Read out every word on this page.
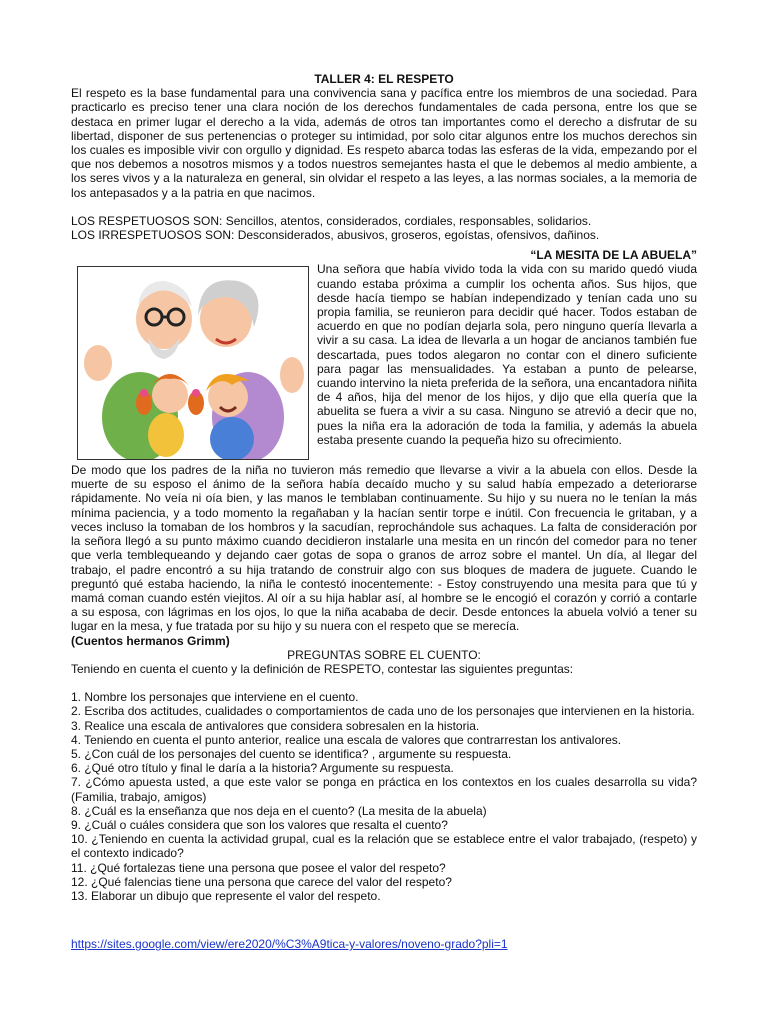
TALLER 4: EL RESPETO

El respeto es la base fundamental para una convivencia sana y pacífica entre los miembros de una sociedad. Para practicarlo es preciso tener una clara noción de los derechos fundamentales de cada persona, entre los que se destaca en primer lugar el derecho a la vida, además de otros tan importantes como el derecho a disfrutar de su libertad, disponer de sus pertenencias o proteger su intimidad, por solo citar algunos entre los muchos derechos sin los cuales es imposible vivir con orgullo y dignidad. Es respeto abarca todas las esferas de la vida, empezando por el que nos debemos a nosotros mismos y a todos nuestros semejantes hasta el que le debemos al medio ambiente, a los seres vivos y a la naturaleza en general, sin olvidar el respeto a las leyes, a las normas sociales, a la memoria de los antepasados y a la patria en que nacimos.

LOS RESPETUOSOS SON: Sencillos, atentos, considerados, cordiales, responsables, solidarios.

LOS IRRESPETUOSOS SON: Desconsiderados, abusivos, groseros, egoístas, ofensivos, dañinos.

“LA MESITA DE LA ABUELA”

Una señora que había vivido toda la vida con su marido quedó viuda cuando estaba próxima a cumplir los ochenta años. Sus hijos, que desde hacía tiempo se habían independizado y tenían cada uno su propia familia, se reunieron para decidir qué hacer. Todos estaban de acuerdo en que no podían dejarla sola, pero ninguno quería llevarla a vivir a su casa. La idea de llevarla a un hogar de ancianos también fue descartada, pues todos alegaron no contar con el dinero suficiente para pagar las mensualidades. Ya estaban a punto de pelearse, cuando intervino la nieta preferida de la señora, una encantadora niñita de 4 años, hija del menor de los hijos, y dijo que ella quería que la abuelita se fuera a vivir a su casa. Ninguno se atrevió a decir que no, pues la niña era la adoración de toda la familia, y además la abuela estaba presente cuando la pequeña hizo su ofrecimiento.

De modo que los padres de la niña no tuvieron más remedio que llevarse a vivir a la abuela con ellos. Desde la muerte de su esposo el ánimo de la señora había decaído mucho y su salud había empezado a deteriorarse rápidamente. No veía ni oía bien, y las manos le temblaban continuamente. Su hijo y su nuera no le tenían la más mínima paciencia, y a todo momento la regañaban y la hacían sentir torpe e inútil. Con frecuencia le gritaban, y a veces incluso la tomaban de los hombros y la sacudían, reprochándole sus achaques. La falta de consideración por la señora llegó a su punto máximo cuando decidieron instalarle una mesita en un rincón del comedor para no tener que verla temblequeando y dejando caer gotas de sopa o granos de arroz sobre el mantel. Un día, al llegar del trabajo, el padre encontró a su hija tratando de construir algo con sus bloques de madera de juguete. Cuando le preguntó qué estaba haciendo, la niña le contestó inocentemente: - Estoy construyendo una mesita para que tú y mamá coman cuando estén viejitos. Al oír a su hija hablar así, al hombre se le encogió el corazón y corrió a contarle a su esposa, con lágrimas en los ojos, lo que la niña acababa de decir. Desde entonces la abuela volvió a tener su lugar en la mesa, y fue tratada por su hijo y su nuera con el respeto que se merecía.

(Cuentos hermanos Grimm)

PREGUNTAS SOBRE EL CUENTO:

Teniendo en cuenta el cuento y la definición de RESPETO, contestar las siguientes preguntas:

1. Nombre los personajes que interviene en el cuento.
2. Escriba dos actitudes, cualidades o comportamientos de cada uno de los personajes que intervienen en la historia.
3. Realice una escala de antivalores que considera sobresalen en la historia.
4. Teniendo en cuenta el punto anterior, realice una escala de valores que contrarrestan los antivalores.
5. ¿Con cuál de los personajes del cuento se identifica? , argumente su respuesta.
6. ¿Qué otro título y final le daría a la historia? Argumente su respuesta.
7. ¿Cómo apuesta usted, a que este valor se ponga en práctica en los contextos en los cuales desarrolla su vida? (Familia, trabajo, amigos)
8. ¿Cuál es la enseñanza que nos deja en el cuento? (La mesita de la abuela)
9. ¿Cuál o cuáles considera que son los valores que resalta el cuento?
10. ¿Teniendo en cuenta la actividad grupal, cual es la relación que se establece entre el valor trabajado, (respeto) y el contexto indicado?
11. ¿Qué fortalezas tiene una persona que posee el valor del respeto?
12. ¿Qué falencias tiene una persona que carece del valor del respeto?
13. Elaborar un dibujo que represente el valor del respeto.

https://sites.google.com/view/ere2020/%C3%A9tica-y-valores/noveno-grado?pli=1
